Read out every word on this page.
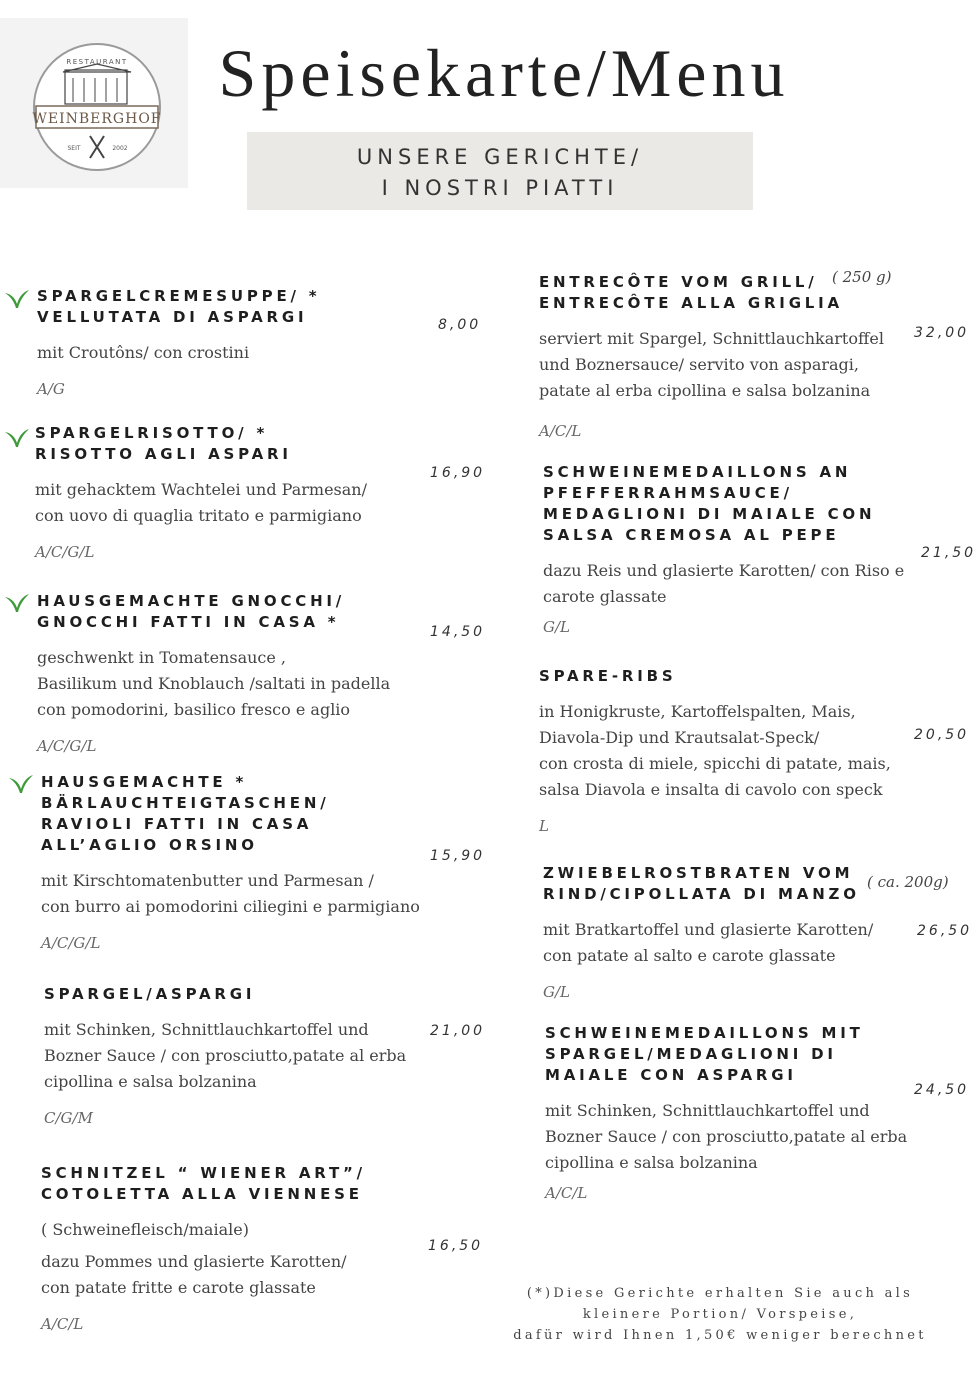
RESTAURANT
WEINBERGHOF
SEIT	2002
Speisekarte/Menu
UNSERE GERICHTE/
I NOSTRI PIATTI
SPARGELCREMESUPPE/ *
VELLUTATA DI ASPARGI
mit Croutôns/ con crostini
A/G
8,00
SPARGELRISOTTO/ *
RISOTTO AGLI ASPARI
mit gehacktem Wachtelei und Parmesan/
con uovo di quaglia tritato e parmigiano
A/C/G/L
16,90
HAUSGEMACHTE GNOCCHI/
GNOCCHI FATTI IN CASA *
geschwenkt in Tomatensauce ,
Basilikum und Knoblauch /saltati in padella
con pomodorini, basilico fresco e aglio
A/C/G/L
14,50
HAUSGEMACHTE *
BÄRLAUCHTEIGTASCHEN/
RAVIOLI FATTI IN CASA
ALL’AGLIO ORSINO
mit Kirschtomatenbutter und Parmesan /
con burro ai pomodorini ciliegini e parmigiano
A/C/G/L
15,90
SPARGEL/ASPARGI
mit Schinken, Schnittlauchkartoffel und
Bozner Sauce / con prosciutto,patate al erba
cipollina e salsa bolzanina
C/G/M
21,00
SCHNITZEL “ WIENER ART”/
COTOLETTA ALLA VIENNESE
( Schweinefleisch/maiale)
dazu Pommes und glasierte Karotten/
con patate fritte e carote glassate
A/C/L
16,50
ENTRECÔTE VOM GRILL/
ENTRECÔTE ALLA GRIGLIA
serviert mit Spargel, Schnittlauchkartoffel
und Boznersauce/ servito von asparagi,
patate al erba cipollina e salsa bolzanina
A/C/L
( 250 g)
32,00
SCHWEINEMEDAILLONS AN
PFEFFERRAHMSAUCE/
MEDAGLIONI DI MAIALE CON
SALSA CREMOSA AL PEPE
dazu Reis und glasierte Karotten/ con Riso e
carote glassate
G/L
21,50
SPARE-RIBS
in Honigkruste, Kartoffelspalten, Mais,
Diavola-Dip und Krautsalat-Speck/
con crosta di miele, spicchi di patate, mais,
salsa Diavola e insalta di cavolo con speck
L
20,50
ZWIEBELROSTBRATEN VOM
RIND/CIPOLLATA DI MANZO
mit Bratkartoffel und glasierte Karotten/
con patate al salto e carote glassate
G/L
( ca. 200g)
26,50
SCHWEINEMEDAILLONS MIT
SPARGEL/MEDAGLIONI DI
MAIALE CON ASPARGI
mit Schinken, Schnittlauchkartoffel und
Bozner Sauce / con prosciutto,patate al erba
cipollina e salsa bolzanina
A/C/L
24,50
(*)Diese Gerichte erhalten Sie auch als
kleinere Portion/ Vorspeise,
dafür wird Ihnen 1,50€ weniger berechnet
